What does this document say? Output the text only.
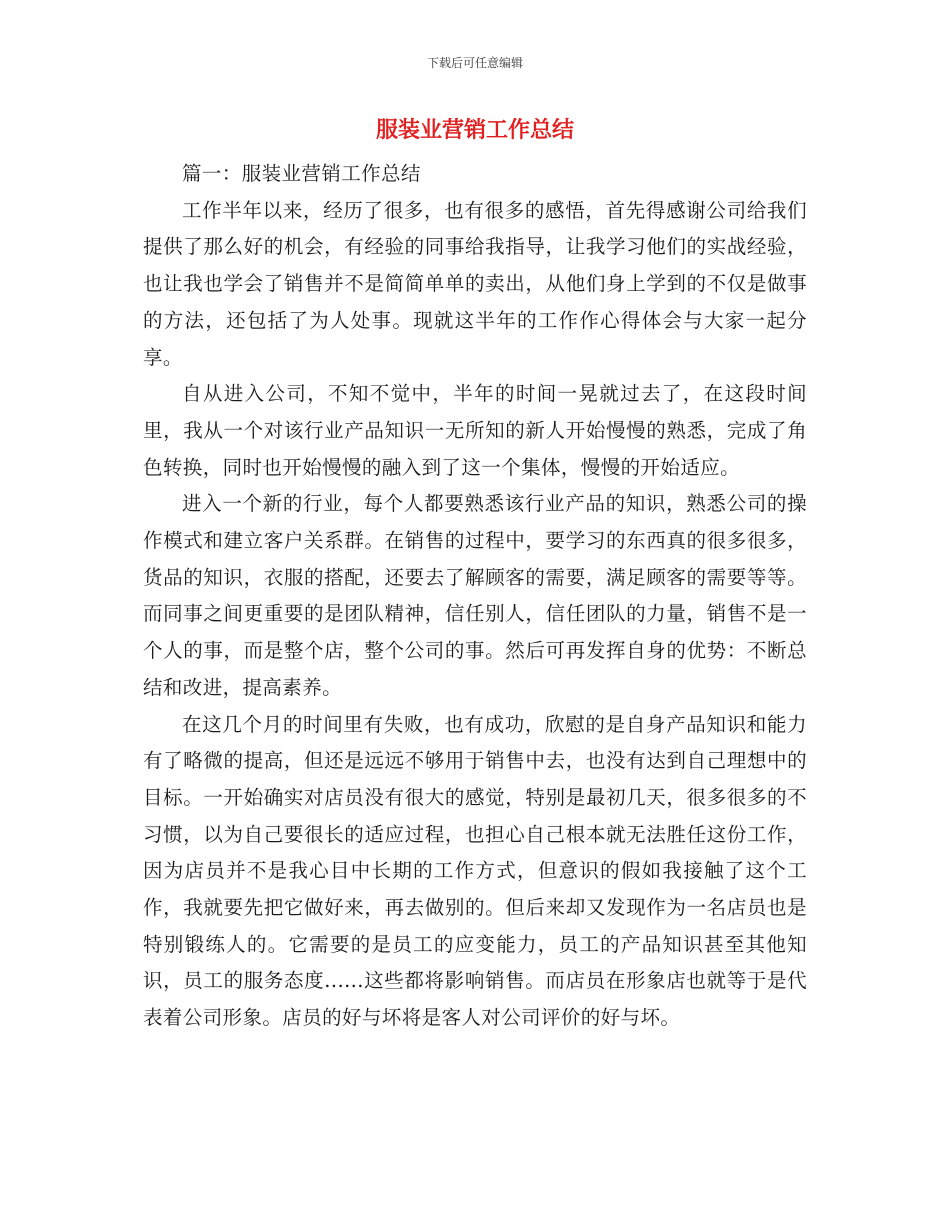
下载后可任意编辑
服装业营销工作总结

篇一：服装业营销工作总结

工作半年以来，经历了很多，也有很多的感悟，首先得感谢公司给我们提供了那么好的机会，有经验的同事给我指导，让我学习他们的实战经验，也让我也学会了销售并不是简简单单的卖出，从他们身上学到的不仅是做事的方法，还包括了为人处事。现就这半年的工作作心得体会与大家一起分享。

自从进入公司，不知不觉中，半年的时间一晃就过去了，在这段时间里，我从一个对该行业产品知识一无所知的新人开始慢慢的熟悉，完成了角色转换，同时也开始慢慢的融入到了这一个集体，慢慢的开始适应。

进入一个新的行业，每个人都要熟悉该行业产品的知识，熟悉公司的操作模式和建立客户关系群。在销售的过程中，要学习的东西真的很多很多，货品的知识，衣服的搭配，还要去了解顾客的需要，满足顾客的需要等等。而同事之间更重要的是团队精神，信任别人，信任团队的力量，销售不是一个人的事，而是整个店，整个公司的事。然后可再发挥自身的优势：不断总结和改进，提高素养。

在这几个月的时间里有失败，也有成功，欣慰的是自身产品知识和能力有了略微的提高，但还是远远不够用于销售中去，也没有达到自己理想中的目标。一开始确实对店员没有很大的感觉，特别是最初几天，很多很多的不习惯，以为自己要很长的适应过程，也担心自己根本就无法胜任这份工作，因为店员并不是我心目中长期的工作方式，但意识的假如我接触了这个工作，我就要先把它做好来，再去做别的。但后来却又发现作为一名店员也是特别锻练人的。它需要的是员工的应变能力，员工的产品知识甚至其他知识，员工的服务态度......这些都将影响销售。而店员在形象店也就等于是代表着公司形象。店员的好与坏将是客人对公司评价的好与坏。
